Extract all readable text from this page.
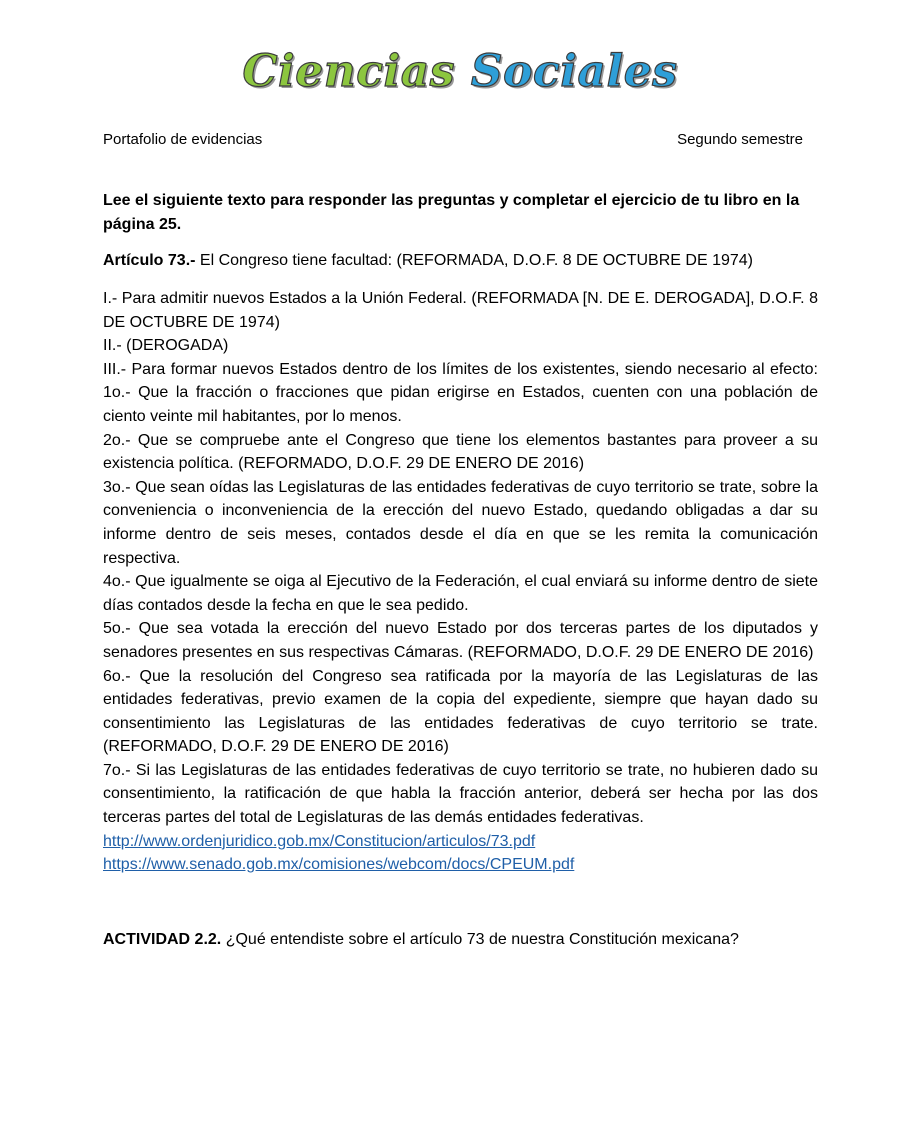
Ciencias Sociales
Portafolio de evidencias	Segundo semestre

Lee el siguiente texto para responder las preguntas y completar el ejercicio de tu libro en la página 25.

Artículo 73.- El Congreso tiene facultad: (REFORMADA, D.O.F. 8 DE OCTUBRE DE 1974)

I.- Para admitir nuevos Estados a la Unión Federal. (REFORMADA [N. DE E. DEROGADA], D.O.F. 8 DE OCTUBRE DE 1974)

II.- (DEROGADA)

III.- Para formar nuevos Estados dentro de los límites de los existentes, siendo necesario al efecto: 1o.- Que la fracción o fracciones que pidan erigirse en Estados, cuenten con una población de ciento veinte mil habitantes, por lo menos.

2o.- Que se compruebe ante el Congreso que tiene los elementos bastantes para proveer a su existencia política. (REFORMADO, D.O.F. 29 DE ENERO DE 2016)

3o.- Que sean oídas las Legislaturas de las entidades federativas de cuyo territorio se trate, sobre la conveniencia o inconveniencia de la erección del nuevo Estado, quedando obligadas a dar su informe dentro de seis meses, contados desde el día en que se les remita la comunicación respectiva.

4o.- Que igualmente se oiga al Ejecutivo de la Federación, el cual enviará su informe dentro de siete días contados desde la fecha en que le sea pedido.

5o.- Que sea votada la erección del nuevo Estado por dos terceras partes de los diputados y senadores presentes en sus respectivas Cámaras. (REFORMADO, D.O.F. 29 DE ENERO DE 2016)

6o.- Que la resolución del Congreso sea ratificada por la mayoría de las Legislaturas de las entidades federativas, previo examen de la copia del expediente, siempre que hayan dado su consentimiento las Legislaturas de las entidades federativas de cuyo territorio se trate. (REFORMADO, D.O.F. 29 DE ENERO DE 2016)

7o.- Si las Legislaturas de las entidades federativas de cuyo territorio se trate, no hubieren dado su consentimiento, la ratificación de que habla la fracción anterior, deberá ser hecha por las dos terceras partes del total de Legislaturas de las demás entidades federativas.

http://www.ordenjuridico.gob.mx/Constitucion/articulos/73.pdf
https://www.senado.gob.mx/comisiones/webcom/docs/CPEUM.pdf

ACTIVIDAD 2.2. ¿Qué entendiste sobre el artículo 73 de nuestra Constitución mexicana?
